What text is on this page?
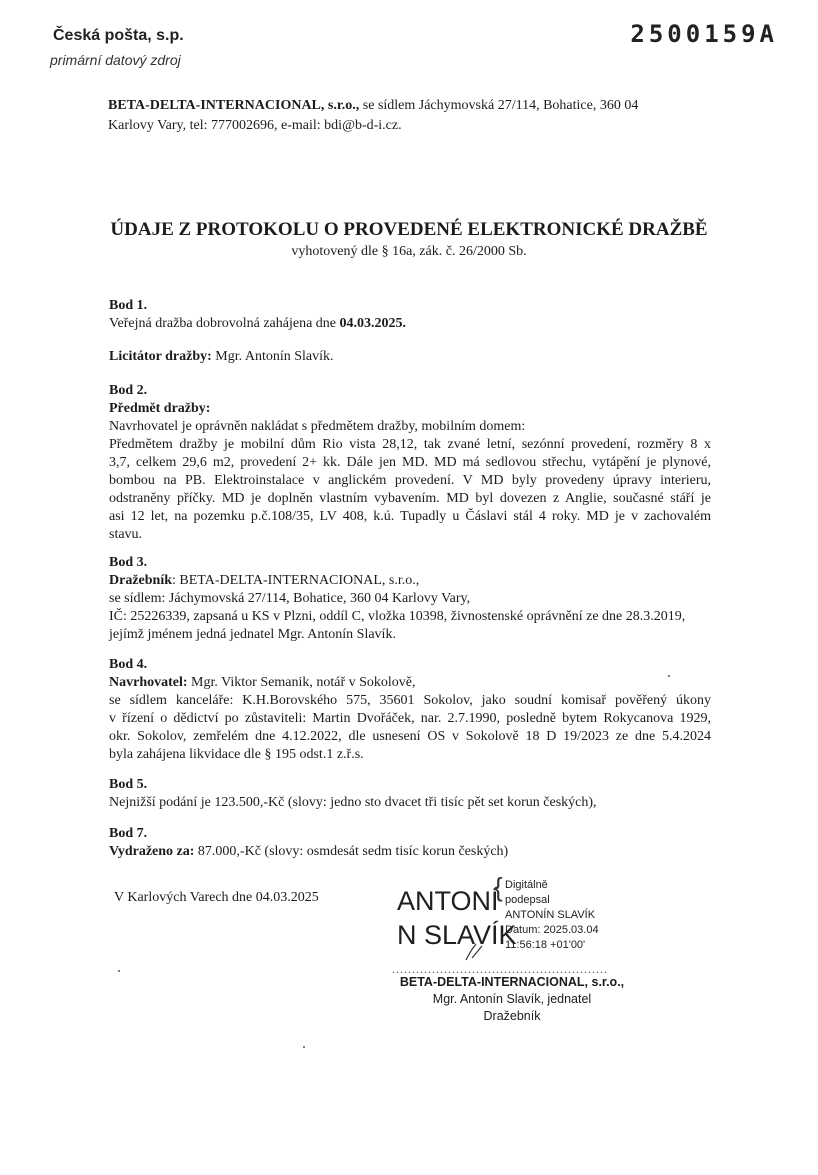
Česká pošta, s.p.
primární datový zdroj
2500159A
BETA-DELTA-INTERNACIONAL, s.r.o., se sídlem Jáchymovská 27/114, Bohatice, 360 04
Karlovy Vary, tel: 777002696, e-mail: bdi@b-d-i.cz.
ÚDAJE Z PROTOKOLU O PROVEDENÉ ELEKTRONICKÉ DRAŽBĚ
vyhotovený dle § 16a, zák. č. 26/2000 Sb.
Bod 1.
Veřejná dražba dobrovolná zahájena dne 04.03.2025.
Licitátor dražby: Mgr. Antonín Slavík.
Bod 2.
Předmět dražby:
Navrhovatel je oprávněn nakládat s předmětem dražby, mobilním domem:
Předmětem dražby je mobilní dům Rio vista 28,12, tak zvané letní, sezónní provedení, rozměry 8 x
3,7, celkem 29,6 m2, provedení 2+ kk. Dále jen MD. MD má sedlovou střechu, vytápění je plynové,
bombou na PB. Elektroinstalace v anglickém provedení. V MD byly provedeny úpravy interieru,
odstraněny příčky. MD je doplněn vlastním vybavením. MD byl dovezen z Anglie, současné stáří je
asi 12 let, na pozemku p.č.108/35, LV 408, k.ú. Tupadly u Čáslavi stál 4 roky. MD je v zachovalém
stavu.
Bod 3.
Dražebník: BETA-DELTA-INTERNACIONAL, s.r.o.,
se sídlem: Jáchymovská 27/114, Bohatice, 360 04 Karlovy Vary,
IČ: 25226339, zapsaná u KS v Plzni, oddíl C, vložka 10398, živnostenské oprávnění ze dne 28.3.2019,
jejímž jménem jedná jednatel Mgr. Antonín Slavík.
Bod 4.
Navrhovatel: Mgr. Viktor Semanik, notář v Sokolově,
se sídlem kanceláře: K.H.Borovského 575, 35601 Sokolov, jako soudní komisař pověřený úkony
v řízení o dědictví po zůstaviteli: Martin Dvořáček, nar. 2.7.1990, posledně bytem Rokycanova 1929,
okr. Sokolov, zemřelém dne 4.12.2022, dle usnesení OS v Sokolově 18 D 19/2023 ze dne 5.4.2024
byla zahájena likvidace dle § 195 odst.1 z.ř.s.
Bod 5.
Nejnižší podání je 123.500,-Kč (slovy: jedno sto dvacet tři tisíc pět set korun českých),
Bod 7.
Vydraženo za: 87.000,-Kč (slovy: osmdesát sedm tisíc korun českých)
V Karlových Varech dne 04.03.2025	ANTONÍ
N SLAVÍK
{ Digitálně
podepsal
ANTONÍN SLAVÍK
Datum: 2025.03.04
11:56:18 +01'00'
......................................................
BETA-DELTA-INTERNACIONAL, s.r.o.,
Mgr. Antonín Slavík, jednatel
Dražebník
